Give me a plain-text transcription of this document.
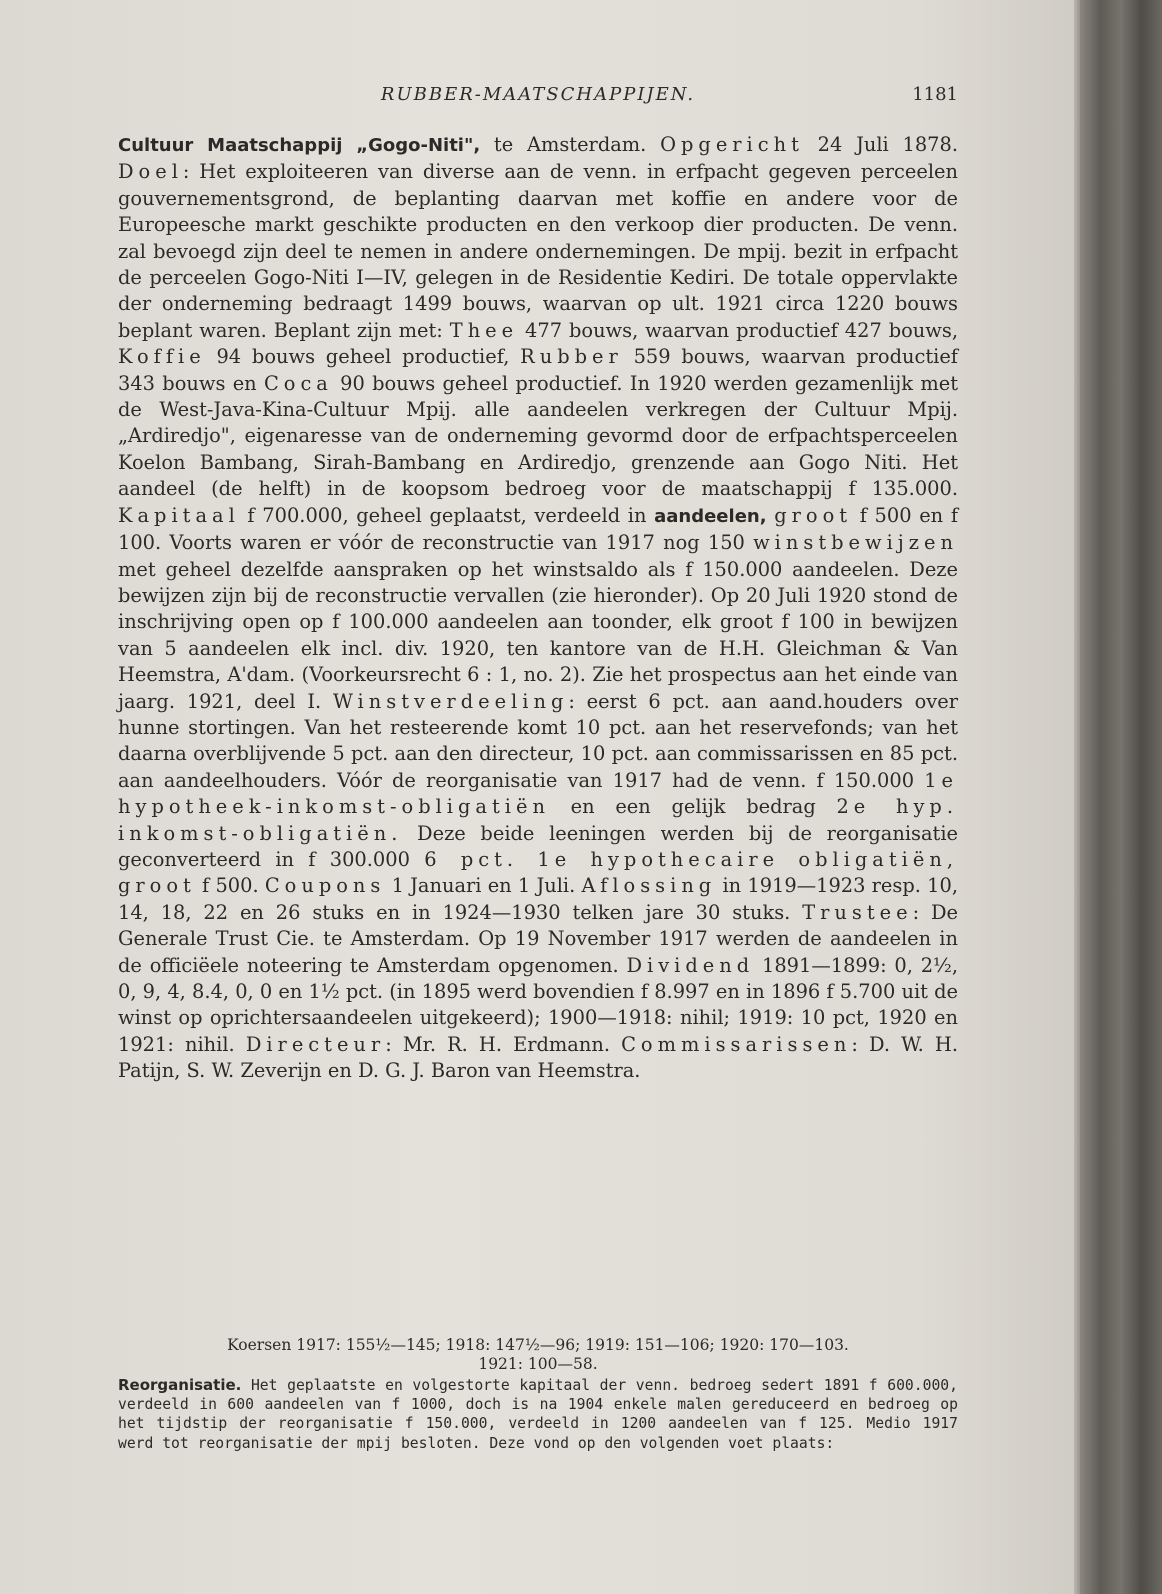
RUBBER-MAATSCHAPPIJEN.	1181

Cultuur Maatschappij „Gogo-Niti", te Amsterdam. Opgericht 24 Juli 1878. Doel: Het exploiteeren van diverse aan de venn. in erfpacht gegeven perceelen gouvernementsgrond, de beplanting daarvan met koffie en andere voor de Europeesche markt geschikte producten en den verkoop dier producten. De venn. zal bevoegd zijn deel te nemen in andere ondernemingen. De mpij. bezit in erfpacht de perceelen Gogo-Niti I—IV, gelegen in de Residentie Kediri. De totale oppervlakte der onderneming bedraagt 1499 bouws, waarvan op ult. 1921 circa 1220 bouws beplant waren. Beplant zijn met: Thee 477 bouws, waarvan productief 427 bouws, Koffie 94 bouws geheel productief, Rubber 559 bouws, waarvan productief 343 bouws en Coca 90 bouws geheel productief. In 1920 werden gezamenlijk met de West-Java-Kina-Cultuur Mpij. alle aandeelen verkregen der Cultuur Mpij. „Ardiredjo", eigenaresse van de onderneming gevormd door de erfpachtsperceelen Koelon Bambang, Sirah-Bambang en Ardiredjo, grenzende aan Gogo Niti. Het aandeel (de helft) in de koopsom bedroeg voor de maatschappij f 135.000. Kapitaal f 700.000, geheel geplaatst, verdeeld in aandeelen, groot f 500 en f 100. Voorts waren er vóór de reconstructie van 1917 nog 150 winstbewijzen met geheel dezelfde aanspraken op het winstsaldo als f 150.000 aandeelen. Deze bewijzen zijn bij de reconstructie vervallen (zie hieronder). Op 20 Juli 1920 stond de inschrijving open op f 100.000 aandeelen aan toonder, elk groot f 100 in bewijzen van 5 aandeelen elk incl. div. 1920, ten kantore van de H.H. Gleichman & Van Heemstra, A'dam. (Voorkeursrecht 6 : 1, no. 2). Zie het prospectus aan het einde van jaarg. 1921, deel I. Winstverdeeling: eerst 6 pct. aan aand.houders over hunne stortingen. Van het resteerende komt 10 pct. aan het reservefonds; van het daarna overblijvende 5 pct. aan den directeur, 10 pct. aan commissarissen en 85 pct. aan aandeelhouders. Vóór de reorganisatie van 1917 had de venn. f 150.000 1e hypotheek-inkomst-obligatiën en een gelijk bedrag 2e hyp. inkomst-obligatiën. Deze beide leeningen werden bij de reorganisatie geconverteerd in f 300.000 6 pct. 1e hypothecaire obligatiën, groot f 500. Coupons 1 Januari en 1 Juli. Aflossing in 1919—1923 resp. 10, 14, 18, 22 en 26 stuks en in 1924—1930 telken jare 30 stuks. Trustee: De Generale Trust Cie. te Amsterdam. Op 19 November 1917 werden de aandeelen in de officiëele noteering te Amsterdam opgenomen. Dividend 1891—1899: 0, 2½, 0, 9, 4, 8.4, 0, 0 en 1½ pct. (in 1895 werd bovendien f 8.997 en in 1896 f 5.700 uit de winst op oprichtersaandeelen uitgekeerd); 1900—1918: nihil; 1919: 10 pct, 1920 en 1921: nihil. Directeur: Mr. R. H. Erdmann. Commissarissen: D. W. H. Patijn, S. W. Zeverijn en D. G. J. Baron van Heemstra.

Koersen 1917: 155½—145; 1918: 147½—96; 1919: 151—106; 1920: 170—103.
1921: 100—58.
Reorganisatie. Het geplaatste en volgestorte kapitaal der venn. bedroeg sedert 1891 f 600.000, verdeeld in 600 aandeelen van f 1000, doch is na 1904 enkele malen gereduceerd en bedroeg op het tijdstip der reorganisatie f 150.000, verdeeld in 1200 aandeelen van f 125. Medio 1917 werd tot reorganisatie der mpij besloten. Deze vond op den volgenden voet plaats:
